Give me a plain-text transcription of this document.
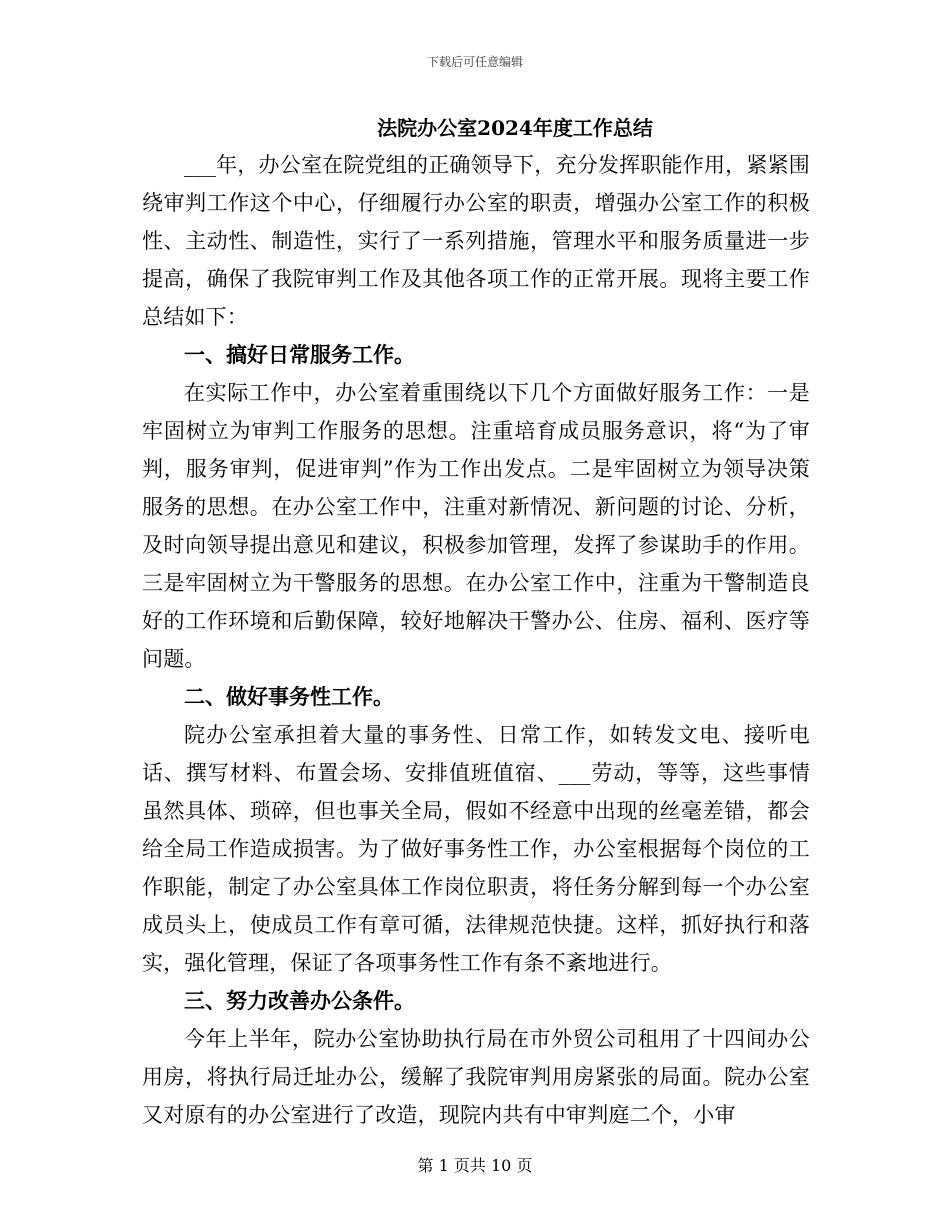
下载后可任意编辑
法院办公室2024年度工作总结

___年，办公室在院党组的正确领导下，充分发挥职能作用，紧紧围绕审判工作这个中心，仔细履行办公室的职责，增强办公室工作的积极性、主动性、制造性，实行了一系列措施，管理水平和服务质量进一步提高，确保了我院审判工作及其他各项工作的正常开展。现将主要工作总结如下：

一、搞好日常服务工作。

在实际工作中，办公室着重围绕以下几个方面做好服务工作：一是牢固树立为审判工作服务的思想。注重培育成员服务意识，将“为了审判，服务审判，促进审判”作为工作出发点。二是牢固树立为领导决策服务的思想。在办公室工作中，注重对新情况、新问题的讨论、分析，及时向领导提出意见和建议，积极参加管理，发挥了参谋助手的作用。三是牢固树立为干警服务的思想。在办公室工作中，注重为干警制造良好的工作环境和后勤保障，较好地解决干警办公、住房、福利、医疗等问题。

二、做好事务性工作。

院办公室承担着大量的事务性、日常工作，如转发文电、接听电话、撰写材料、布置会场、安排值班值宿、___劳动，等等，这些事情虽然具体、琐碎，但也事关全局，假如不经意中出现的丝毫差错，都会给全局工作造成损害。为了做好事务性工作，办公室根据每个岗位的工作职能，制定了办公室具体工作岗位职责，将任务分解到每一个办公室成员头上，使成员工作有章可循，法律规范快捷。这样，抓好执行和落实，强化管理，保证了各项事务性工作有条不紊地进行。

三、努力改善办公条件。

今年上半年，院办公室协助执行局在市外贸公司租用了十四间办公用房，将执行局迁址办公，缓解了我院审判用房紧张的局面。院办公室又对原有的办公室进行了改造，现院内共有中审判庭二个，小审

第 1 页共 10 页
